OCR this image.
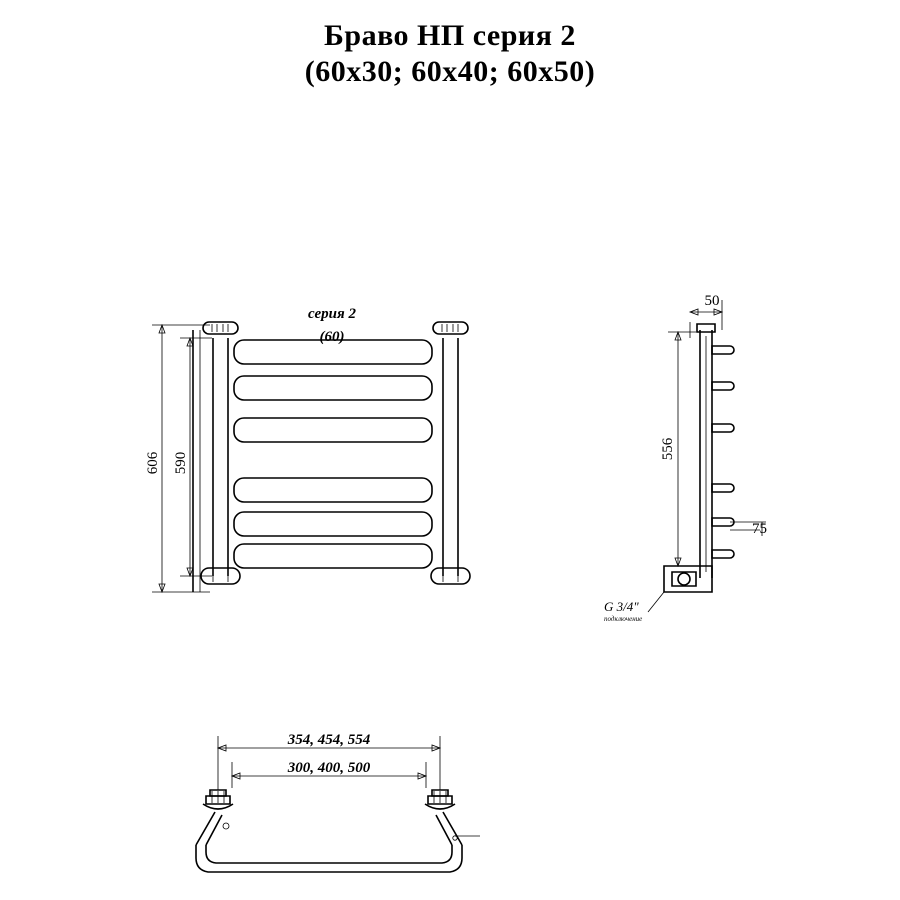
Браво НП серия 2
(60x30; 60x40; 60x50)
606 590
серия 2
(60)
50
556
75
G 3/4"
подключение
354, 454, 554
300, 400, 500
